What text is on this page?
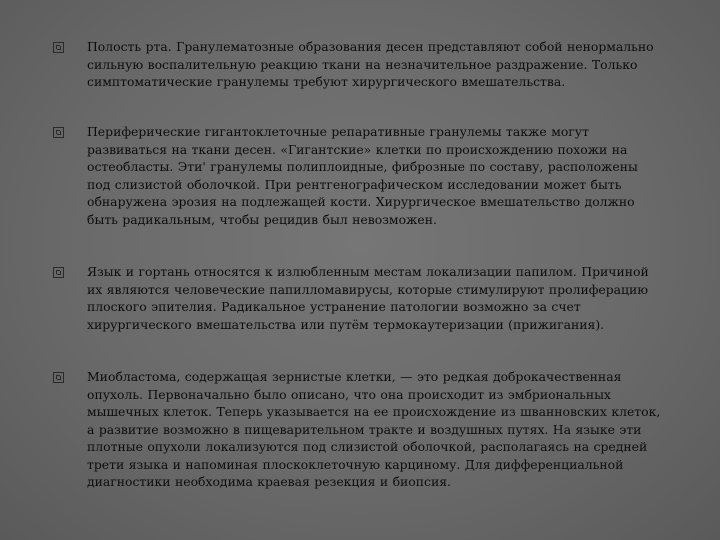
Полость рта. Гранулематозные образования десен представляют собой ненормально
сильную воспалительную реакцию ткани на незначительное раздражение. Только
симптоматические гранулемы требуют хирургического вмешательства.

Периферические гигантоклеточные репаративные гранулемы также могут
развиваться на ткани десен. «Гигантские» клетки по происхождению похожи на
остеобласты. Эти' гранулемы полиплоидные, фиброзные по составу, расположены
под слизистой оболочкой. При рентгенографическом исследовании может быть
обнаружена эрозия на подлежащей кости. Хирургическое вмешательство должно
быть радикальным, чтобы рецидив был невозможен.

Язык и гортань относятся к излюбленным местам локализации папилом. Причиной
их являются человеческие папилломавирусы, которые стимулируют пролиферацию
плоского эпителия. Радикальное устранение патологии возможно за счет
хирургического вмешательства или путём термокаутеризации (прижигания).

Миобластома, содержащая зернистые клетки, — это редкая доброкачественная
опухоль. Первоначально было описано, что она происходит из эмбриональных
мышечных клеток. Теперь указывается на ее происхождение из шванновских клеток,
а развитие возможно в пищеварительном тракте и воздушных путях. На языке эти
плотные опухоли локализуются под слизистой оболочкой, располагаясь на средней
трети языка и напоминая плоскоклеточную карциному. Для дифференциальной
диагностики необходима краевая резекция и биопсия.
